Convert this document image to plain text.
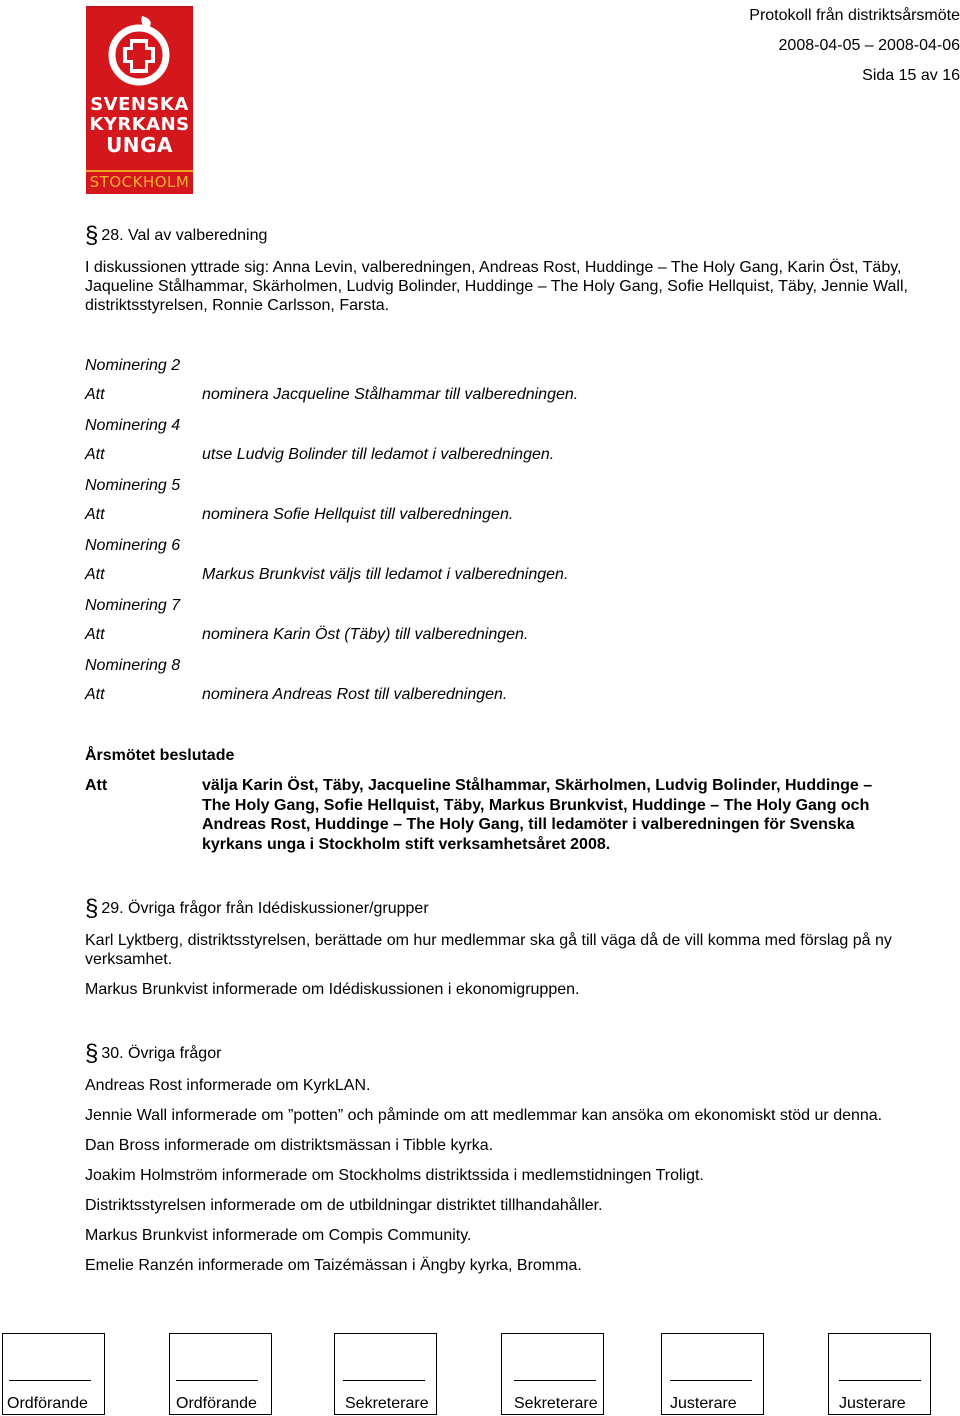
SVENSKA
KYRKANS
UNGA
STOCKHOLM
Protokoll från distriktsårsmöte
2008-04-05 – 2008-04-06
Sida 15 av 16
§ 28. Val av valberedning
I diskussionen yttrade sig: Anna Levin, valberedningen, Andreas Rost, Huddinge – The Holy Gang, Karin Öst, Täby, Jaqueline Stålhammar, Skärholmen, Ludvig Bolinder, Huddinge – The Holy Gang, Sofie Hellquist, Täby, Jennie Wall, distriktsstyrelsen, Ronnie Carlsson, Farsta.
Nominering 2
Att	nominera Jacqueline Stålhammar till valberedningen.
Nominering 4
Att	utse Ludvig Bolinder till ledamot i valberedningen.
Nominering 5
Att	nominera Sofie Hellquist till valberedningen.
Nominering 6
Att	Markus Brunkvist väljs till ledamot i valberedningen.
Nominering 7
Att	nominera Karin Öst (Täby) till valberedningen.
Nominering 8
Att	nominera Andreas Rost till valberedningen.
Årsmötet beslutade
Att	välja Karin Öst, Täby, Jacqueline Stålhammar, Skärholmen, Ludvig Bolinder, Huddinge –
The Holy Gang, Sofie Hellquist, Täby, Markus Brunkvist, Huddinge – The Holy Gang och
Andreas Rost, Huddinge – The Holy Gang, till ledamöter i valberedningen för Svenska
kyrkans unga i Stockholm stift verksamhetsåret 2008.
§ 29. Övriga frågor från Idédiskussioner/grupper
Karl Lyktberg, distriktsstyrelsen, berättade om hur medlemmar ska gå till väga då de vill komma med förslag på ny verksamhet.
Markus Brunkvist informerade om Idédiskussionen i ekonomigruppen.
§ 30. Övriga frågor
Andreas Rost informerade om KyrkLAN.
Jennie Wall informerade om ”potten” och påminde om att medlemmar kan ansöka om ekonomiskt stöd ur denna.
Dan Bross informerade om distriktsmässan i Tibble kyrka.
Joakim Holmström informerade om Stockholms distriktssida i medlemstidningen Troligt.
Distriktsstyrelsen informerade om de utbildningar distriktet tillhandahåller.
Markus Brunkvist informerade om Compis Community.
Emelie Ranzén informerade om Taizémässan i Ängby kyrka, Bromma.
Ordförande	Ordförande	Sekreterare	Sekreterare	Justerare	Justerare
